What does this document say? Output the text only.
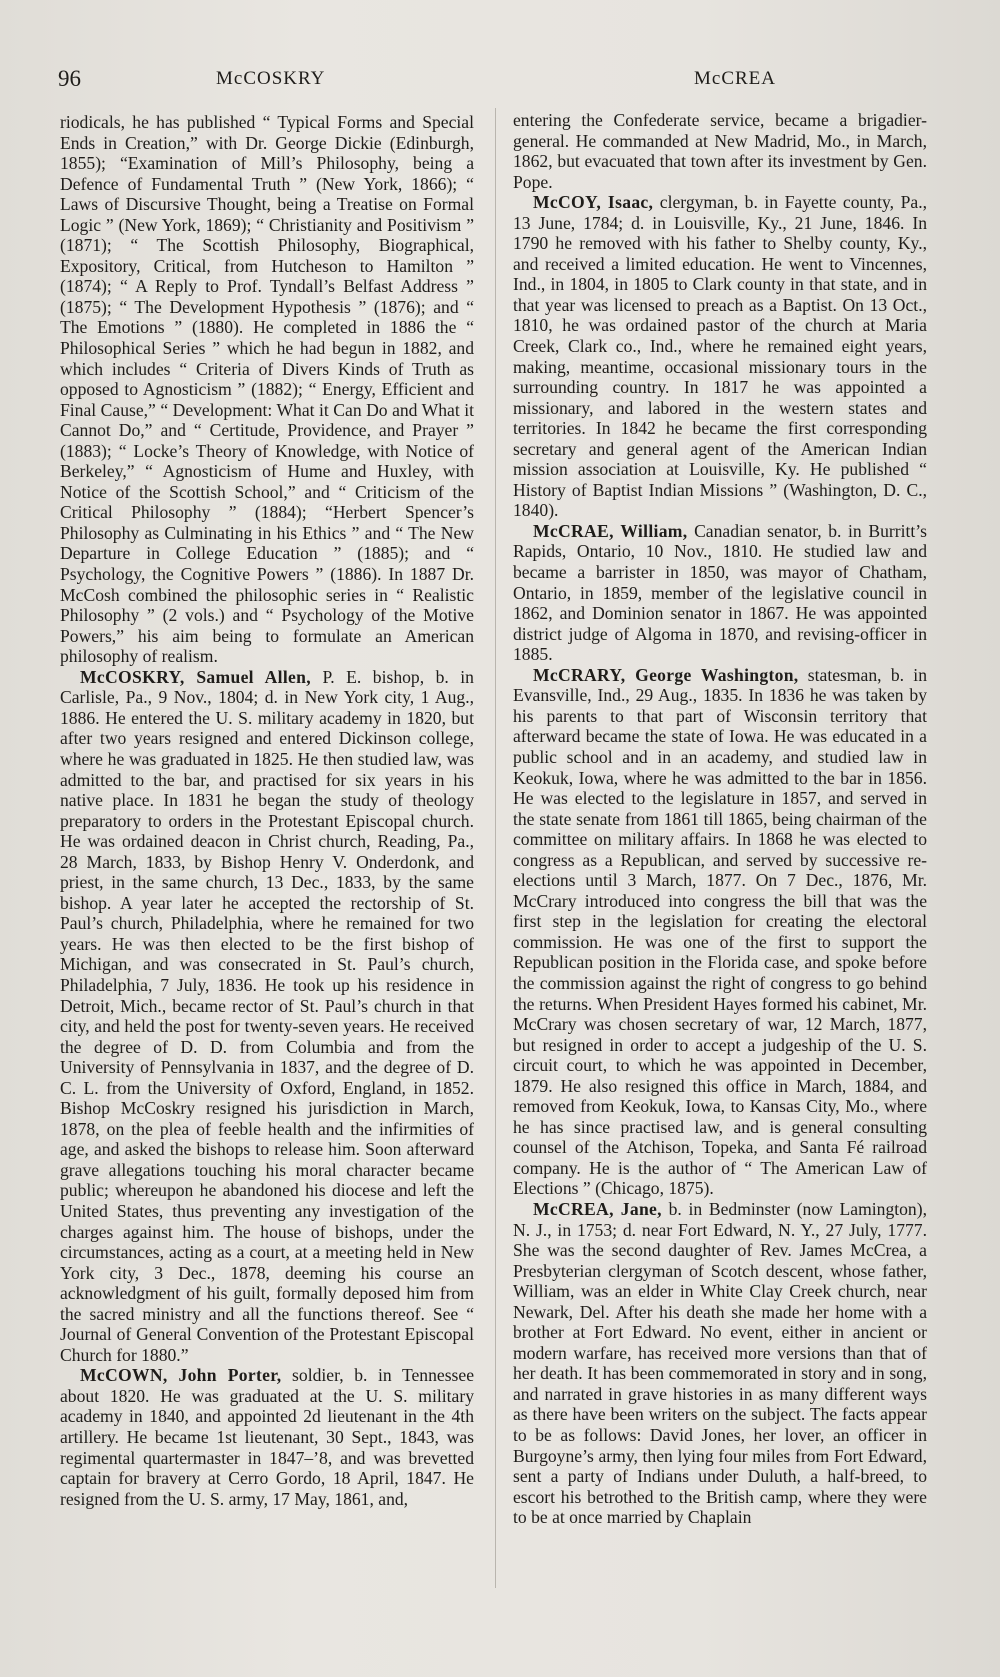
96	McCOSKRY	McCREA

riodicals, he has published “ Typical Forms and Special Ends in Creation,” with Dr. George Dickie (Edinburgh, 1855); “Examination of Mill’s Philosophy, being a Defence of Fundamental Truth ” (New York, 1866); “ Laws of Discursive Thought, being a Treatise on Formal Logic ” (New York, 1869); “ Christianity and Positivism ” (1871); “ The Scottish Philosophy, Biographical, Expository, Critical, from Hutcheson to Hamilton ” (1874); “ A Reply to Prof. Tyndall’s Belfast Address ” (1875); “ The Development Hypothesis ” (1876); and “ The Emotions ” (1880). He completed in 1886 the “ Philosophical Series ” which he had begun in 1882, and which includes “ Criteria of Divers Kinds of Truth as opposed to Agnosticism ” (1882); “ Energy, Efficient and Final Cause,” “ Development: What it Can Do and What it Cannot Do,” and “ Certitude, Providence, and Prayer ” (1883); “ Locke’s Theory of Knowledge, with Notice of Berkeley,” “ Agnosticism of Hume and Huxley, with Notice of the Scottish School,” and “ Criticism of the Critical Philosophy ” (1884); “Herbert Spencer’s Philosophy as Culminating in his Ethics ” and “ The New Departure in College Education ” (1885); and “ Psychology, the Cognitive Powers ” (1886). In 1887 Dr. McCosh combined the philosophic series in “ Realistic Philosophy ” (2 vols.) and “ Psychology of the Motive Powers,” his aim being to formulate an American philosophy of realism.

McCOSKRY, Samuel Allen, P. E. bishop, b. in Carlisle, Pa., 9 Nov., 1804; d. in New York city, 1 Aug., 1886. He entered the U. S. military academy in 1820, but after two years resigned and entered Dickinson college, where he was graduated in 1825. He then studied law, was admitted to the bar, and practised for six years in his native place. In 1831 he began the study of theology preparatory to orders in the Protestant Episcopal church. He was ordained deacon in Christ church, Reading, Pa., 28 March, 1833, by Bishop Henry V. Onderdonk, and priest, in the same church, 13 Dec., 1833, by the same bishop. A year later he accepted the rectorship of St. Paul’s church, Philadelphia, where he remained for two years. He was then elected to be the first bishop of Michigan, and was consecrated in St. Paul’s church, Philadelphia, 7 July, 1836. He took up his residence in Detroit, Mich., became rector of St. Paul’s church in that city, and held the post for twenty-seven years. He received the degree of D. D. from Columbia and from the University of Pennsylvania in 1837, and the degree of D. C. L. from the University of Oxford, England, in 1852. Bishop McCoskry resigned his jurisdiction in March, 1878, on the plea of feeble health and the infirmities of age, and asked the bishops to release him. Soon afterward grave allegations touching his moral character became public; whereupon he abandoned his diocese and left the United States, thus preventing any investigation of the charges against him. The house of bishops, under the circumstances, acting as a court, at a meeting held in New York city, 3 Dec., 1878, deeming his course an acknowledgment of his guilt, formally deposed him from the sacred ministry and all the functions thereof. See “ Journal of General Convention of the Protestant Episcopal Church for 1880.”

McCOWN, John Porter, soldier, b. in Tennessee about 1820. He was graduated at the U. S. military academy in 1840, and appointed 2d lieutenant in the 4th artillery. He became 1st lieutenant, 30 Sept., 1843, was regimental quartermaster in 1847–’8, and was brevetted captain for bravery at Cerro Gordo, 18 April, 1847. He resigned from the U. S. army, 17 May, 1861, and,

entering the Confederate service, became a brigadier-general. He commanded at New Madrid, Mo., in March, 1862, but evacuated that town after its investment by Gen. Pope.

McCOY, Isaac, clergyman, b. in Fayette county, Pa., 13 June, 1784; d. in Louisville, Ky., 21 June, 1846. In 1790 he removed with his father to Shelby county, Ky., and received a limited education. He went to Vincennes, Ind., in 1804, in 1805 to Clark county in that state, and in that year was licensed to preach as a Baptist. On 13 Oct., 1810, he was ordained pastor of the church at Maria Creek, Clark co., Ind., where he remained eight years, making, meantime, occasional missionary tours in the surrounding country. In 1817 he was appointed a missionary, and labored in the western states and territories. In 1842 he became the first corresponding secretary and general agent of the American Indian mission association at Louisville, Ky. He published “ History of Baptist Indian Missions ” (Washington, D. C., 1840).

McCRAE, William, Canadian senator, b. in Burritt’s Rapids, Ontario, 10 Nov., 1810. He studied law and became a barrister in 1850, was mayor of Chatham, Ontario, in 1859, member of the legislative council in 1862, and Dominion senator in 1867. He was appointed district judge of Algoma in 1870, and revising-officer in 1885.

McCRARY, George Washington, statesman, b. in Evansville, Ind., 29 Aug., 1835. In 1836 he was taken by his parents to that part of Wisconsin territory that afterward became the state of Iowa. He was educated in a public school and in an academy, and studied law in Keokuk, Iowa, where he was admitted to the bar in 1856. He was elected to the legislature in 1857, and served in the state senate from 1861 till 1865, being chairman of the committee on military affairs. In 1868 he was elected to congress as a Republican, and served by successive re-elections until 3 March, 1877. On 7 Dec., 1876, Mr. McCrary introduced into congress the bill that was the first step in the legislation for creating the electoral commission. He was one of the first to support the Republican position in the Florida case, and spoke before the commission against the right of congress to go behind the returns. When President Hayes formed his cabinet, Mr. McCrary was chosen secretary of war, 12 March, 1877, but resigned in order to accept a judgeship of the U. S. circuit court, to which he was appointed in December, 1879. He also resigned this office in March, 1884, and removed from Keokuk, Iowa, to Kansas City, Mo., where he has since practised law, and is general consulting counsel of the Atchison, Topeka, and Santa Fé railroad company. He is the author of “ The American Law of Elections ” (Chicago, 1875).

McCREA, Jane, b. in Bedminster (now Lamington), N. J., in 1753; d. near Fort Edward, N. Y., 27 July, 1777. She was the second daughter of Rev. James McCrea, a Presbyterian clergyman of Scotch descent, whose father, William, was an elder in White Clay Creek church, near Newark, Del. After his death she made her home with a brother at Fort Edward. No event, either in ancient or modern warfare, has received more versions than that of her death. It has been commemorated in story and in song, and narrated in grave histories in as many different ways as there have been writers on the subject. The facts appear to be as follows: David Jones, her lover, an officer in Burgoyne’s army, then lying four miles from Fort Edward, sent a party of Indians under Duluth, a half-breed, to escort his betrothed to the British camp, where they were to be at once married by Chaplain
